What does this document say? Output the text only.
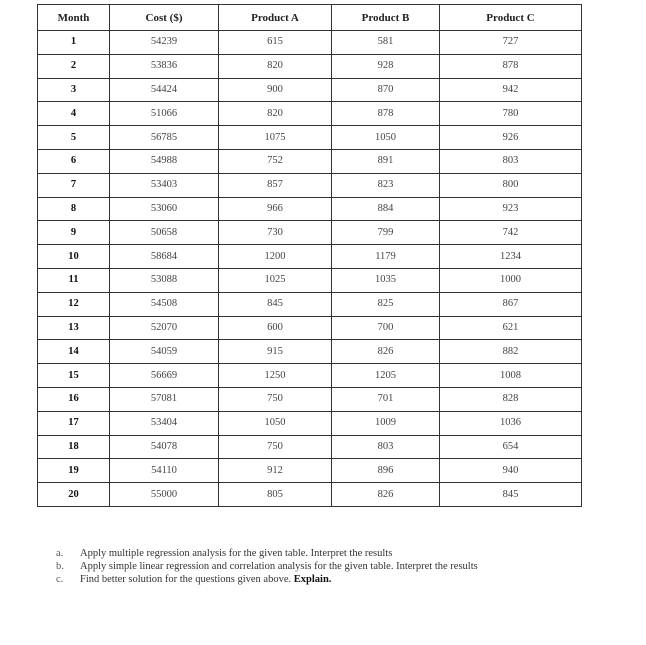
Month	Cost ($)	Product A	Product B	Product C
1	54239	615	581	727
2	53836	820	928	878
3	54424	900	870	942
4	51066	820	878	780
5	56785	1075	1050	926
6	54988	752	891	803
7	53403	857	823	800
8	53060	966	884	923
9	50658	730	799	742
10	58684	1200	1179	1234
11	53088	1025	1035	1000
12	54508	845	825	867
13	52070	600	700	621
14	54059	915	826	882
15	56669	1250	1205	1008
16	57081	750	701	828
17	53404	1050	1009	1036
18	54078	750	803	654
19	54110	912	896	940
20	55000	805	826	845
a.	Apply multiple regression analysis for the given table. Interpret the results
b.	Apply simple linear regression and correlation analysis for the given table. Interpret the results
c.	Find better solution for the questions given above. Explain.
